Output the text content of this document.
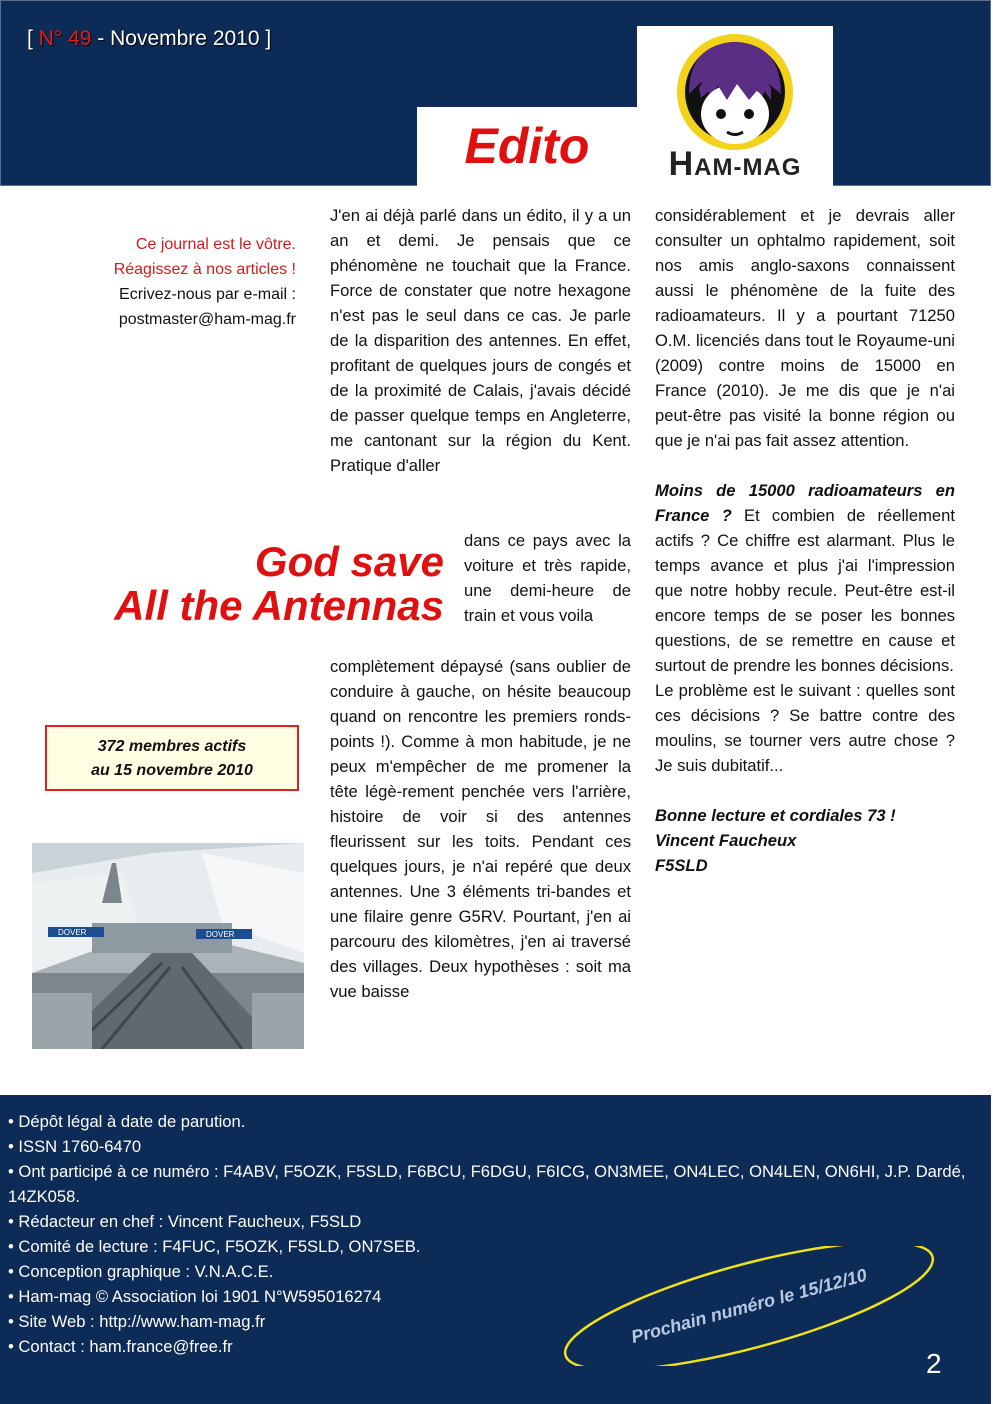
[ N° 49 - Novembre 2010 ]
Edito	HAM-MAG
Ce journal est le vôtre.
Réagissez à nos articles !
Ecrivez-nous par e-mail :
postmaster@ham-mag.fr
God save
All the Antennas
372 membres actifs
au 15 novembre 2010
DOVER	DOVER

J'en ai déjà parlé dans un édito, il y a un an et demi. Je pensais que ce phénomène ne touchait que la France. Force de constater que notre hexagone n'est pas le seul dans ce cas. Je parle de la disparition des antennes. En effet, profitant de quelques jours de congés et de la proximité de Calais, j'avais décidé de passer quelque temps en Angleterre, me cantonant sur la région du Kent. Pratique d'aller

dans ce pays avec la voiture et très rapide, une demi-heure de train et vous voila

complètement dépaysé (sans oublier de conduire à gauche, on hésite beaucoup quand on rencontre les premiers ronds-points !). Comme à mon habitude, je ne peux m'empêcher de me promener la tête légè-rement penchée vers l'arrière, histoire de voir si des antennes fleurissent sur les toits. Pendant ces quelques jours, je n'ai repéré que deux antennes. Une 3 éléments tri-bandes et une filaire genre G5RV. Pourtant, j'en ai parcouru des kilomètres, j'en ai traversé des villages. Deux hypothèses : soit ma vue baisse

considérablement et je devrais aller consulter un ophtalmo rapidement, soit nos amis anglo-saxons connaissent aussi le phénomène de la fuite des radioamateurs. Il y a pourtant 71250 O.M. licenciés dans tout le Royaume-uni (2009) contre moins de 15000 en France (2010). Je me dis que je n'ai peut-être pas visité la bonne région ou que je n'ai pas fait assez attention.

Moins de 15000 radioamateurs en France ? Et combien de réellement actifs ? Ce chiffre est alarmant. Plus le temps avance et plus j'ai l'impression que notre hobby recule. Peut-être est-il encore temps de se poser les bonnes questions, de se remettre en cause et surtout de prendre les bonnes décisions.

Le problème est le suivant : quelles sont ces décisions ? Se battre contre des moulins, se tourner vers autre chose ? Je suis dubitatif...

Bonne lecture et cordiales 73 !

Vincent Faucheux

F5SLD

• Dépôt légal à date de parution.
• ISSN 1760-6470
• Ont participé à ce numéro : F4ABV, F5OZK, F5SLD, F6BCU, F6DGU, F6ICG, ON3MEE, ON4LEC, ON4LEN, ON6HI, J.P. Dardé, 14ZK058.
• Rédacteur en chef : Vincent Faucheux, F5SLD
• Comité de lecture : F4FUC, F5OZK, F5SLD, ON7SEB.
• Conception graphique : V.N.A.C.E.
• Ham-mag © Association loi 1901 N°W595016274
• Site Web : http://www.ham-mag.fr
• Contact : ham.france@free.fr	Prochain numéro le 15/12/10
2
